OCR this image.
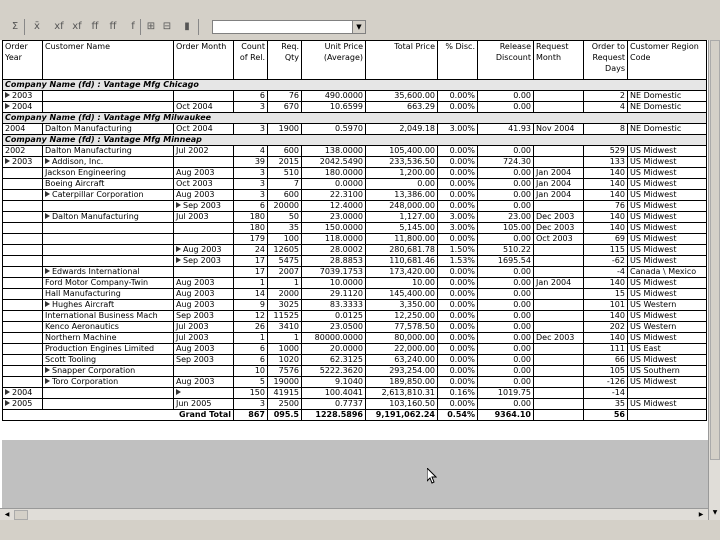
Σ	x̄	xf xf ff	ff	f	⊞ ⊟	▮	▼
Order Year	Customer Name	Order Month	Count of Rel.	Req. Qty	Unit Price (Average)	Total Price	% Disc.	Release Discount	Request Month	Order to Request Days	Customer Region Code
Company Name (fd) : Vantage Mfg Chicago											
2003			6	76	490.0000	35,600.00	0.00%	0.00		2	NE Domestic
2004		Oct 2004	3	670	10.6599	663.29	0.00%	0.00		4	NE Domestic
Company Name (fd) : Vantage Mfg Milwaukee											
2004	Dalton Manufacturing	Oct 2004	3	1900	0.5970	2,049.18	3.00%	41.93	Nov 2004	8	NE Domestic
Company Name (fd) : Vantage Mfg Minneap											
2002	Dalton Manufacturing	Jul 2002	4	600	138.0000	105,400.00	0.00%	0.00		529	US Midwest
2003	Addison, Inc.		39	2015	2042.5490	233,536.50	0.00%	724.30		133	US Midwest
	Jackson Engineering	Aug 2003	3	510	180.0000	1,200.00	0.00%	0.00	Jan 2004	140	US Midwest
	Boeing Aircraft	Oct 2003	3	7	0.0000	0.00	0.00%	0.00	Jan 2004	140	US Midwest
	Caterpillar Corporation	Aug 2003	3	600	22.3100	13,386.00	0.00%	0.00	Jan 2004	140	US Midwest
		Sep 2003	6	20000	12.4000	248,000.00	0.00%	0.00		76	US Midwest
	Dalton Manufacturing	Jul 2003	180	50	23.0000	1,127.00	3.00%	23.00	Dec 2003	140	US Midwest
			180	35	150.0000	5,145.00	3.00%	105.00	Dec 2003	140	US Midwest
			179	100	118.0000	11,800.00	0.00%	0.00	Oct 2003	69	US Midwest
		Aug 2003	24	12605	28.0002	280,681.78	1.50%	510.22		115	US Midwest
		Sep 2003	17	5475	28.8853	110,681.46	1.53%	1695.54		-62	US Midwest
	Edwards International		17	2007	7039.1753	173,420.00	0.00%	0.00		-4	Canada \ Mexico
	Ford Motor Company-Twin	Aug 2003	1	1	10.0000	10.00	0.00%	0.00	Jan 2004	140	US Midwest
	Hall Manufacturing	Aug 2003	14	2000	29.1120	145,400.00	0.00%	0.00		15	US Midwest
	Hughes Aircraft	Aug 2003	9	3025	83.3333	3,350.00	0.00%	0.00		101	US Western
	International Business Mach	Sep 2003	12	11525	0.0125	12,250.00	0.00%	0.00		140	US Midwest
	Kenco Aeronautics	Jul 2003	26	3410	23.0500	77,578.50	0.00%	0.00		202	US Western
	Northern Machine	Jul 2003	1	1	80000.0000	80,000.00	0.00%	0.00	Dec 2003	140	US Midwest
	Production Engines Limited	Aug 2003	6	1000	20.0000	22,000.00	0.00%	0.00		111	US East
	Scott Tooling	Sep 2003	6	1020	62.3125	63,240.00	0.00%	0.00		66	US Midwest
	Snapper Corporation		10	7576	5222.3620	293,254.00	0.00%	0.00		105	US Southern
	Toro Corporation	Aug 2003	5	19000	9.1040	189,850.00	0.00%	0.00		-126	US Midwest
2004			150	41915	100.4041	2,613,810.31	0.16%	1019.75		-14	
2005		Jun 2005	3	2500	0.7737	103,160.50	0.00%	0.00		35	US Midwest
Grand Total			867	095.5	1228.5896	9,191,062.24	0.54%	9364.10		56	
▼
◀	▶
